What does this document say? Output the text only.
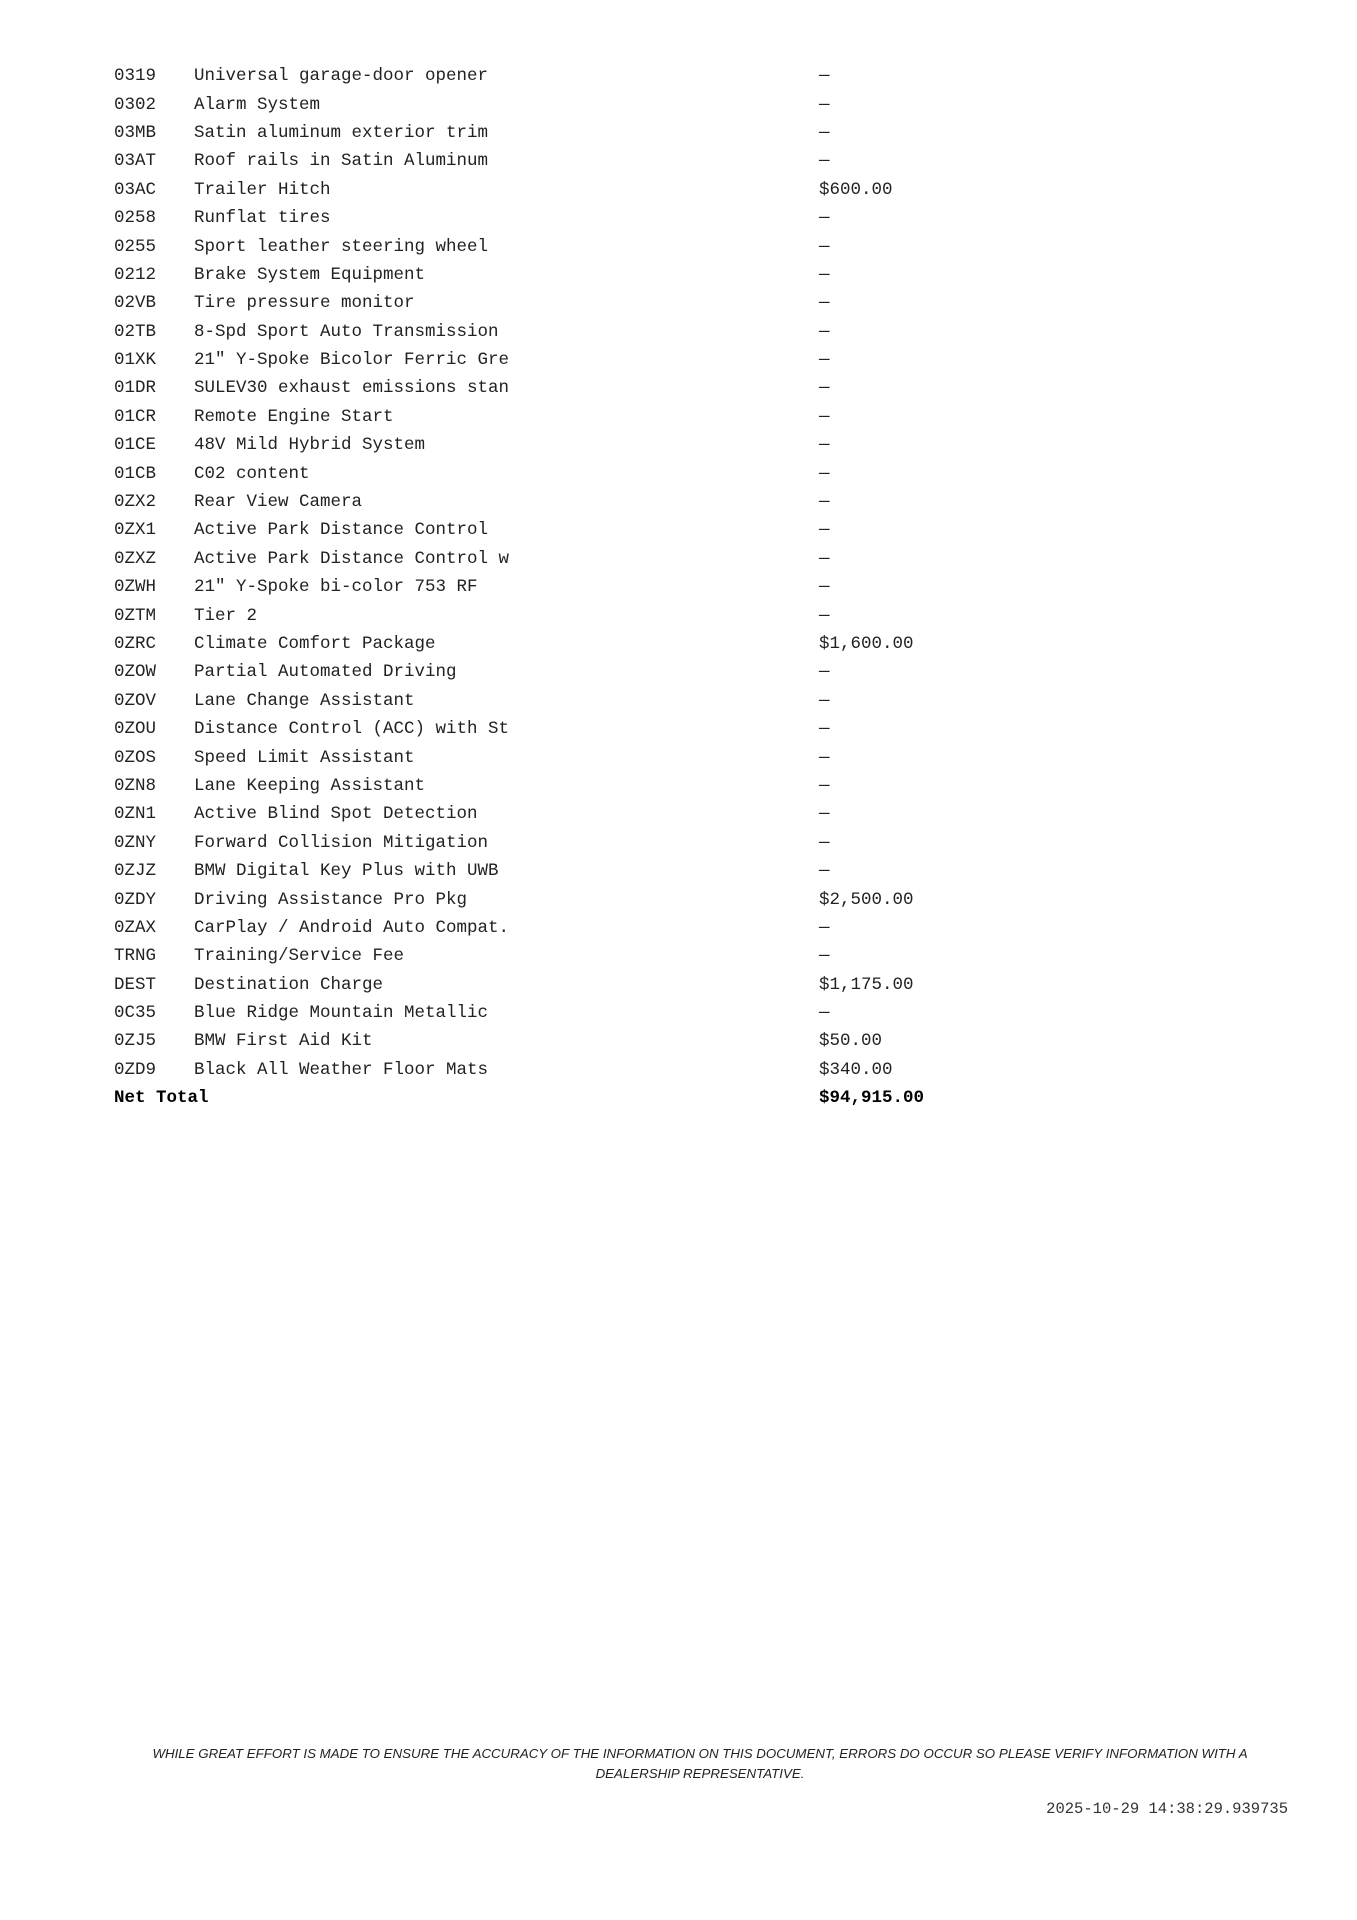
0319	Universal garage-door opener	—
0302	Alarm System	—
03MB	Satin aluminum exterior trim	—
03AT	Roof rails in Satin Aluminum	—
03AC	Trailer Hitch	$600.00
0258	Runflat tires	—
0255	Sport leather steering wheel	—
0212	Brake System Equipment	—
02VB	Tire pressure monitor	—
02TB	8-Spd Sport Auto Transmission	—
01XK	21" Y-Spoke Bicolor Ferric Gre	—
01DR	SULEV30 exhaust emissions stan	—
01CR	Remote Engine Start	—
01CE	48V Mild Hybrid System	—
01CB	C02 content	—
0ZX2	Rear View Camera	—
0ZX1	Active Park Distance Control	—
0ZXZ	Active Park Distance Control w	—
0ZWH	21" Y-Spoke bi-color 753 RF	—
0ZTM	Tier 2	—
0ZRC	Climate Comfort Package	$1,600.00
0ZOW	Partial Automated Driving	—
0ZOV	Lane Change Assistant	—
0ZOU	Distance Control (ACC) with St	—
0ZOS	Speed Limit Assistant	—
0ZN8	Lane Keeping Assistant	—
0ZN1	Active Blind Spot Detection	—
0ZNY	Forward Collision Mitigation	—
0ZJZ	BMW Digital Key Plus with UWB	—
0ZDY	Driving Assistance Pro Pkg	$2,500.00
0ZAX	CarPlay / Android Auto Compat.	—
TRNG	Training/Service Fee	—
DEST	Destination Charge	$1,175.00
0C35	Blue Ridge Mountain Metallic	—
0ZJ5	BMW First Aid Kit	$50.00
0ZD9	Black All Weather Floor Mats	$340.00
Net Total		$94,915.00

WHILE GREAT EFFORT IS MADE TO ENSURE THE ACCURACY OF THE INFORMATION ON THIS DOCUMENT, ERRORS DO OCCUR SO PLEASE VERIFY INFORMATION WITH A
DEALERSHIP REPRESENTATIVE.

2025-10-29 14:38:29.939735
